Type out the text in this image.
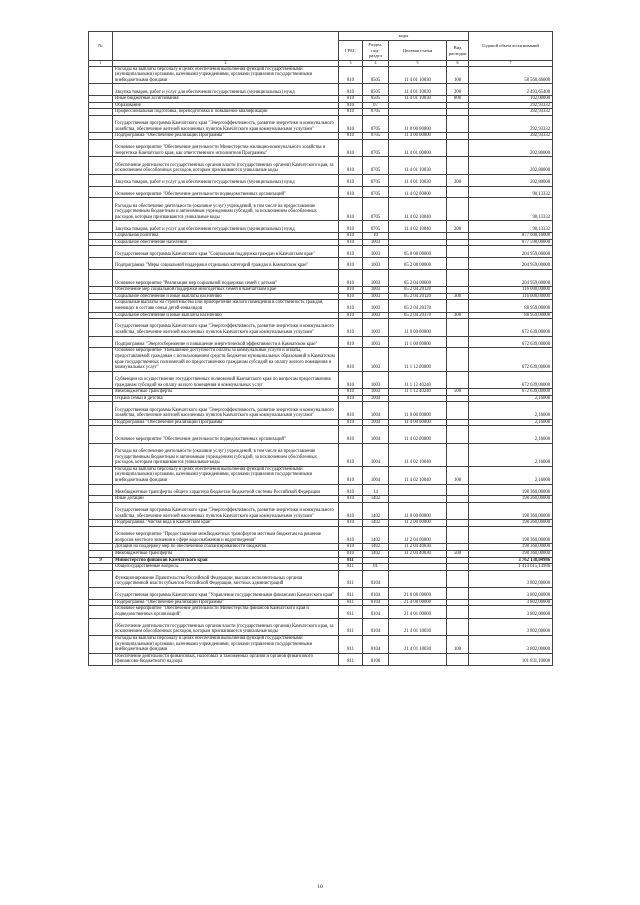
№		коды				Годовой объем ассигнований
		ГРБС	Раздел, под-раздел	Целевая статья	Вид расходов	
1	2	3	4	5	6	7
	Расходы на выплаты персоналу в целях обеспечения выполнения функций государственными (муниципальными) органами, казенными учреждениями, органами управления государственными внебюджетными фондами	810	0505	11 4 01 10030	100	58 560,46600
	Закупка товаров, работ и услуг для обеспечения государственных (муниципальных) нужд	810	0505	11 4 01 10030	200	2 493,65400
	Иные бюджетные ассигнования	810	0505	11 4 01 10030	800	102,00000
	Образование	810	07			292,93332
	Профессиональная подготовка, переподготовка и повышение квалификации	810	0705			292,93332
	Государственная программа Камчатского края "Энергоэффективность, развитие энергетики и коммунального хозяйства, обеспечение жителей населенных пунктов Камчатского края коммунальными услугами"	810	0705	11 0 00 00000		292,93332
	Подпрограмма "Обеспечение реализации Программы"	810	0705	11 4 00 00000		292,93332
	Основное мероприятие "Обеспечение деятельности Министерства жилищно-коммунального хозяйства и энергетики Камчатского края, как ответственного исполнителя Программы"	810	0705	11 4 01 00000		202,80000
	Обеспечение деятельности государственных органов власти (государственных органов) Камчатского края, за исключением обособленных расходов, которым присваиваются уникальные коды	810	0705	11 4 01 10030		202,80000
	Закупка товаров, работ и услуг для обеспечения государственных (муниципальных) нужд	810	0705	11 4 01 10030	200	202,80000
	Основное мероприятие "Обеспечение деятельности подведомственных организаций"	810	0705	11 4 02 00000		90,13332
	Расходы на обеспечение деятельности (оказание услуг) учреждений, в том числе на предоставление государственным бюджетным и автономным учреждениям субсидий, за исключением обособленных расходов, которым присваиваются уникальные коды	810	0705	11 4 02 10040		90,13332
	Закупка товаров, работ и услуг для обеспечения государственных (муниципальных) нужд	810	0705	11 4 02 10040	200	90,13332
	Социальная политика	810	10			877 600,16000
	Социальное обеспечение населения	810	1003			877 598,00000
	Государственная программа Камчатского края "Социальная поддержка граждан в Камчатском крае"	810	1003	05 0 00 00000		204 959,00000
	Подпрограмма "Меры социальной поддержки отдельных категорий граждан в Камчатском крае"	810	1003	05 2 00 00000		204 959,00000
	Основное мероприятие "Реализация мер социальной поддержки семей с детьми"	810	1003	05 2 04 00000		204 959,00000
	Обеспечение мер социальной поддержки многодетных семей в Камчатском крае	810	1003	05 2 04 20120		116 000,00000
	Социальное обеспечение и иные выплаты населению	810	1003	05 2 04 20120	300	116 000,00000
	Социальные выплаты на строительство или приобретение жилого помещения в собственность граждан, имеющих в составе семьи детей-инвалидов	810	1003	05 2 04 20370		88 959,00000
	Социальное обеспечение и иные выплаты населению	810	1003	05 2 04 20370	300	88 959,00000
	Государственная программа Камчатского края "Энергоэффективность, развитие энергетики и коммунального хозяйства, обеспечение жителей населенных пунктов Камчатского края коммунальными услугами"	810	1003	11 0 00 00000		672 639,00000
	Подпрограмма "Энергосбережение и повышение энергетической эффективности в Камчатском крае"	810	1003	11 1 00 00000		672 639,00000
	Основное мероприятие "Повышение доступности оплаты за коммунальные услуги и оплаты, предоставляемой гражданам с использованием средств бюджетов муниципальных образований в Камчатском крае государственных полномочий по предоставлению гражданам субсидий на оплату жилого помещения и коммунальных услуг"	810	1003	11 1 12 00000		672 639,00000
	Субвенции на осуществление государственных полномочий Камчатского края по вопросам предоставления гражданам субсидий на оплату жилого помещения и коммунальных услуг	810	1003	11 1 12 40240		672 639,00000
	Межбюджетные трансферты	810	1003	11 1 12 40240	500	672 639,00000
	Охрана семьи и детства	810	1004			2,16000
	Государственная программа Камчатского края "Энергоэффективность, развитие энергетики и коммунального хозяйства, обеспечение жителей населенных пунктов Камчатского края коммунальными услугами"	810	1004	11 0 00 00000		2,16000
	Подпрограмма "Обеспечение реализации Программы"	810	1004	11 4 00 00000		2,16000
	Основное мероприятие "Обеспечение деятельности подведомственных организаций"	810	1004	11 4 02 00000		2,16000
	Расходы на обеспечение деятельности (оказание услуг) учреждений, в том числе на предоставление государственным бюджетным и автономным учреждениям субсидий, за исключением обособленных расходов, которым присваиваются уникальные коды	810	1004	11 4 02 10040		2,16000
	Расходы на выплаты персоналу в целях обеспечения выполнения функций государственными (муниципальными) органами, казенными учреждениями, органами управления государственными внебюджетными фондами	810	1004	11 4 02 10040	100	2,16000
	Межбюджетные трансферты общего характера бюджетам бюджетной системы Российской Федерации	810	14			198 360,00000
	Иные дотации	810	1402			198 360,00000
	Государственная программа Камчатского края "Энергоэффективность, развитие энергетики и коммунального хозяйства, обеспечение жителей населенных пунктов Камчатского края коммунальными услугами"	810	1402	11 0 00 00000		198 360,00000
	Подпрограмма "Чистая вода в Камчатском крае"	810	1402	11 2 00 00000		198 360,00000
	Основное мероприятие "Предоставление межбюджетных трансфертов местным бюджетам на решение вопросов местного значения в сфере водоснабжения и водоотведения"	810	1402	11 2 04 00000		198 360,00000
	Дотации на поддержку мер по обеспечению сбалансированности бюджетов	810	1402	11 2 04 40030		198 360,00000
	Межбюджетные трансферты	810	1402	11 2 04 40030	500	198 360,00000
9	Министерство финансов Камчатского края	811				3 762 138,04986
	Общегосударственные вопросы	811	01			1 414 615,14986
	Функционирование Правительства Российской Федерации, высших исполнительных органов государственной власти субъектов Российской Федерации, местных администраций	811	0104			3 802,00000
	Государственная программа Камчатского края "Управление государственными финансами Камчатского края"	811	0104	21 0 00 00000		3 802,00000
	Подпрограмма "Обеспечение реализации Программы"	811	0104	21 4 00 00000		3 802,00000
	Основное мероприятие "Обеспечение деятельности Министерства финансов Камчатского края и подведомственных организаций"	811	0104	21 4 01 00000		3 802,00000
	Обеспечение деятельности государственных органов власти (государственных органов) Камчатского края, за исключением обособленных расходов, которым присваиваются уникальные коды	811	0104	21 4 01 10030		3 802,00000
	Расходы на выплаты персоналу в целях обеспечения выполнения функций государственными (муниципальными) органами, казенными учреждениями, органами управления государственными внебюджетными фондами	811	0104	21 4 01 10030	100	3 802,00000
	Обеспечение деятельности финансовых, налоговых и таможенных органов и органов финансового (финансово-бюджетного) надзора	811	0106			101 831,10000
10
